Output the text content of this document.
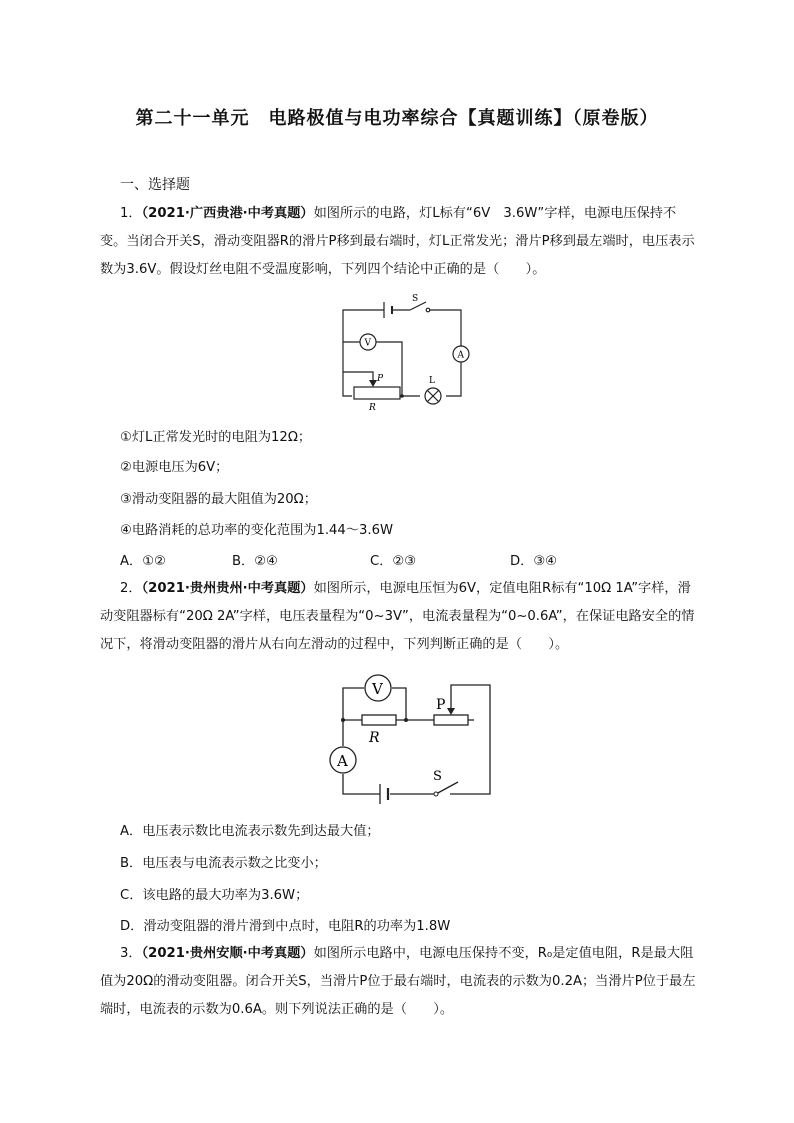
第二十一单元　电路极值与电功率综合【真题训练】（原卷版）
一、选择题

1．（2021·广西贵港·中考真题）如图所示的电路，灯L标有“6V　3.6W”字样，电源电压保持不变。当闭合开关S，滑动变阻器R的滑片P移到最右端时，灯L正常发光；滑片P移到最左端时，电压表示数为3.6V。假设灯丝电阻不受温度影响，下列四个结论中正确的是（　　）。

S
V
A
L
P
R
①灯L正常发光时的电阻为12Ω；
②电源电压为6V；
③滑动变阻器的最大阻值为20Ω；
④电路消耗的总功率的变化范围为1.44～3.6W
A．①②	B．②④	C．②③	D．③④

2．（2021·贵州贵州·中考真题）如图所示，电源电压恒为6V，定值电阻R标有“10Ω 1A”字样，滑动变阻器标有“20Ω 2A”字样，电压表量程为“0~3V”，电流表量程为“0~0.6A”，在保证电路安全的情况下，将滑动变阻器的滑片从右向左滑动的过程中，下列判断正确的是（　　）。

V
P
R
A
S
A．电压表示数比电流表示数先到达最大值；
B．电压表与电流表示数之比变小；
C．该电路的最大功率为3.6W；
D．滑动变阻器的滑片滑到中点时，电阻R的功率为1.8W

3．（2021·贵州安顺·中考真题）如图所示电路中，电源电压保持不变，R₀是定值电阻，R是最大阻值为20Ω的滑动变阻器。闭合开关S，当滑片P位于最右端时，电流表的示数为0.2A；当滑片P位于最左端时，电流表的示数为0.6A。则下列说法正确的是（　　）。
